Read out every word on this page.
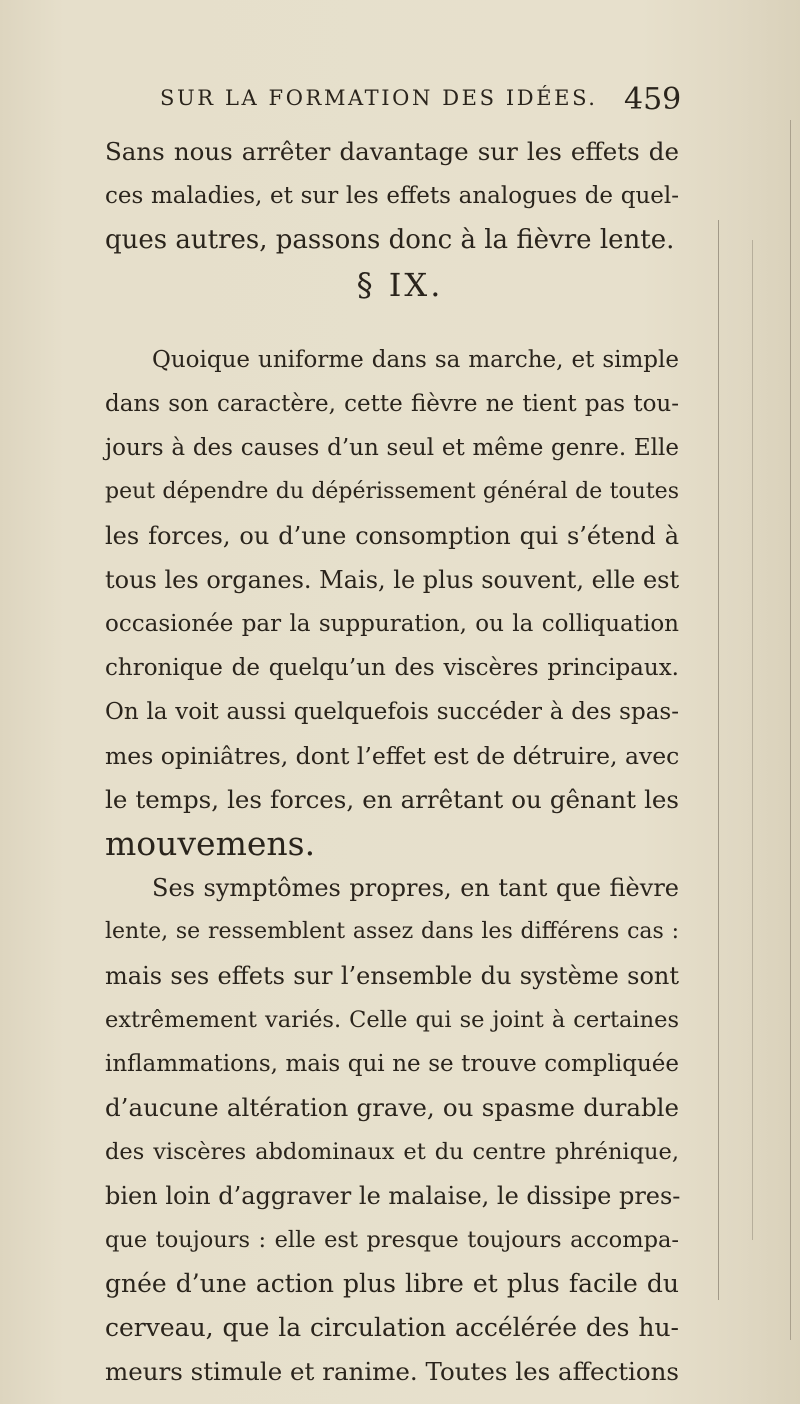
SUR LA FORMATION DES IDÉES. 459
Sans nous arrêter davantage sur les effets de
ces maladies, et sur les effets analogues de quel-
ques autres, passons donc à la fièvre lente.
§ IX.
Quoique uniforme dans sa marche, et simple
dans son caractère, cette fièvre ne tient pas tou-
jours à des causes d’un seul et même genre. Elle
peut dépendre du dépérissement général de toutes
les forces, ou d’une consomption qui s’étend à
tous les organes. Mais, le plus souvent, elle est
occasionée par la suppuration, ou la colliquation
chronique de quelqu’un des viscères principaux.
On la voit aussi quelquefois succéder à des spas-
mes opiniâtres, dont l’effet est de détruire, avec
le temps, les forces, en arrêtant ou gênant les
mouvemens.
Ses symptômes propres, en tant que fièvre
lente, se ressemblent assez dans les différens cas :
mais ses effets sur l’ensemble du système sont
extrêmement variés. Celle qui se joint à certaines
inflammations, mais qui ne se trouve compliquée
d’aucune altération grave, ou spasme durable
des viscères abdominaux et du centre phrénique,
bien loin d’aggraver le malaise, le dissipe pres-
que toujours : elle est presque toujours accompa-
gnée d’une action plus libre et plus facile du
cerveau, que la circulation accélérée des hu-
meurs stimule et ranime. Toutes les affections
